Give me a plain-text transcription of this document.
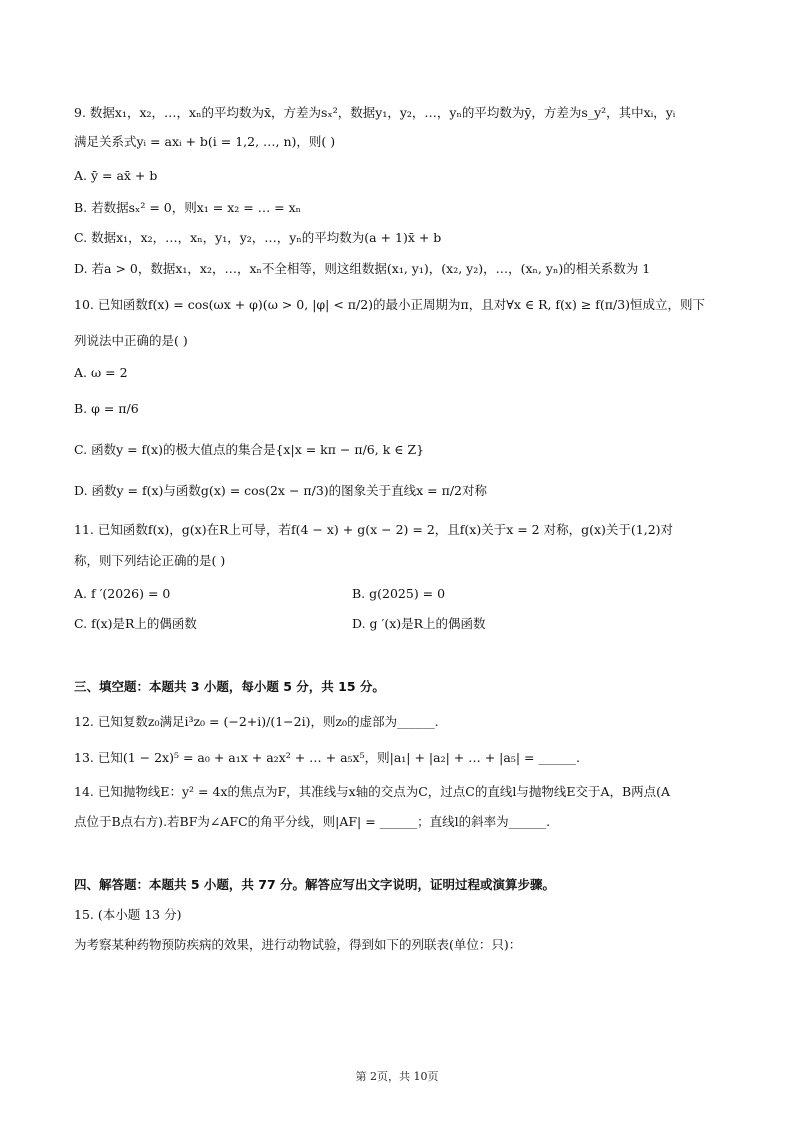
9. 数据x₁，x₂，…，xₙ的平均数为x̄，方差为sₓ²，数据y₁，y₂，…，yₙ的平均数为ȳ，方差为s_y²，其中xᵢ，yᵢ
满足关系式yᵢ = axᵢ + b(i = 1,2, …, n)，则( )
A. ȳ = ax̄ + b
B. 若数据sₓ² = 0，则x₁ = x₂ = … = xₙ
C. 数据x₁，x₂，…，xₙ，y₁，y₂，…，yₙ的平均数为(a + 1)x̄ + b
D. 若a > 0，数据x₁，x₂，…，xₙ不全相等，则这组数据(x₁, y₁)，(x₂, y₂)，…，(xₙ, yₙ)的相关系数为 1
10. 已知函数f(x) = cos(ωx + φ)(ω > 0, |φ| < π/2)的最小正周期为π，且对∀x ∈ R, f(x) ≥ f(π/3)恒成立，则下
列说法中正确的是( )
A. ω = 2
B. φ = π/6
C. 函数y = f(x)的极大值点的集合是{x|x = kπ − π/6, k ∈ Z}
D. 函数y = f(x)与函数g(x) = cos(2x − π/3)的图象关于直线x = π/2对称
11. 已知函数f(x)，g(x)在R上可导，若f(4 − x) + g(x − 2) = 2，且f(x)关于x = 2 对称，g(x)关于(1,2)对
称，则下列结论正确的是( )
A. f ′(2026) = 0	B. g(2025) = 0
C. f(x)是R上的偶函数	D. g ′(x)是R上的偶函数
三、填空题：本题共 3 小题，每小题 5 分，共 15 分。
12. 已知复数z₀满足i³z₀ = (−2+i)/(1−2i)，则z₀的虚部为______.
13. 已知(1 − 2x)⁵ = a₀ + a₁x + a₂x² + … + a₅x⁵，则|a₁| + |a₂| + … + |a₅| = ______.
14. 已知抛物线E：y² = 4x的焦点为F，其准线与x轴的交点为C，过点C的直线l与抛物线E交于A，B两点(A
点位于B点右方).若BF为∠AFC的角平分线，则|AF| = ______；直线l的斜率为______.
四、解答题：本题共 5 小题，共 77 分。解答应写出文字说明，证明过程或演算步骤。
15. (本小题 13 分)
为考察某种药物预防疾病的效果，进行动物试验，得到如下的列联表(单位：只)：
第 2页，共 10页
